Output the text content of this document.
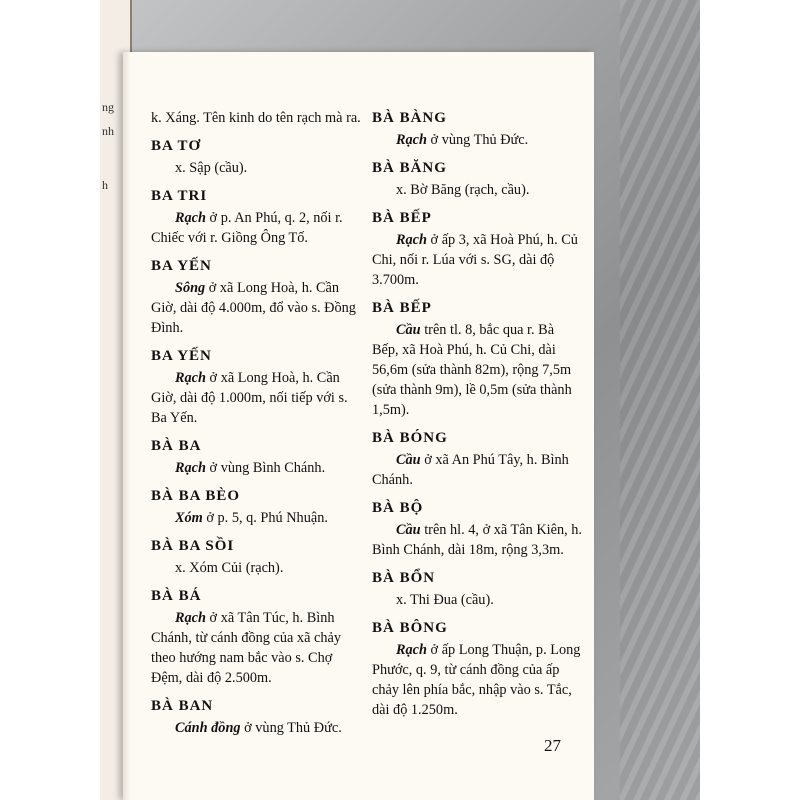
ng
nh
h
k. Xáng. Tên kinh do tên rạch mà ra.
BA TƠ
x. Sập (cầu).
BA TRI
Rạch ở p. An Phú, q. 2, nối r. Chiếc với r. Giồng Ông Tố.
BA YẾN
Sông ở xã Long Hoà, h. Cần Giờ, dài độ 4.000m, đổ vào s. Đồng Đình.
BA YẾN
Rạch ở xã Long Hoà, h. Cần Giờ, dài độ 1.000m, nối tiếp với s. Ba Yến.
BÀ BA
Rạch ở vùng Bình Chánh.
BÀ BA BÈO
Xóm ở p. 5, q. Phú Nhuận.
BÀ BA SỒI
x. Xóm Củi (rạch).
BÀ BÁ
Rạch ở xã Tân Túc, h. Bình Chánh, từ cánh đồng của xã chảy theo hướng nam bắc vào s. Chợ Đệm, dài độ 2.500m.
BÀ BAN
Cánh đồng ở vùng Thủ Đức.
BÀ BÀNG
Rạch ở vùng Thủ Đức.
BÀ BĂNG
x. Bờ Băng (rạch, cầu).
BÀ BẾP
Rạch ở ấp 3, xã Hoà Phú, h. Củ Chi, nối r. Lúa với s. SG, dài độ 3.700m.
BÀ BẾP
Cầu trên tl. 8, bắc qua r. Bà Bếp, xã Hoà Phú, h. Củ Chi, dài 56,6m (sửa thành 82m), rộng 7,5m (sửa thành 9m), lề 0,5m (sửa thành 1,5m).
BÀ BÓNG
Cầu ở xã An Phú Tây, h. Bình Chánh.
BÀ BỘ
Cầu trên hl. 4, ở xã Tân Kiên, h. Bình Chánh, dài 18m, rộng 3,3m.
BÀ BỔN
x. Thi Đua (cầu).
BÀ BÔNG
Rạch ở ấp Long Thuận, p. Long Phước, q. 9, từ cánh đồng của ấp chảy lên phía bắc, nhập vào s. Tắc, dài độ 1.250m.
27
